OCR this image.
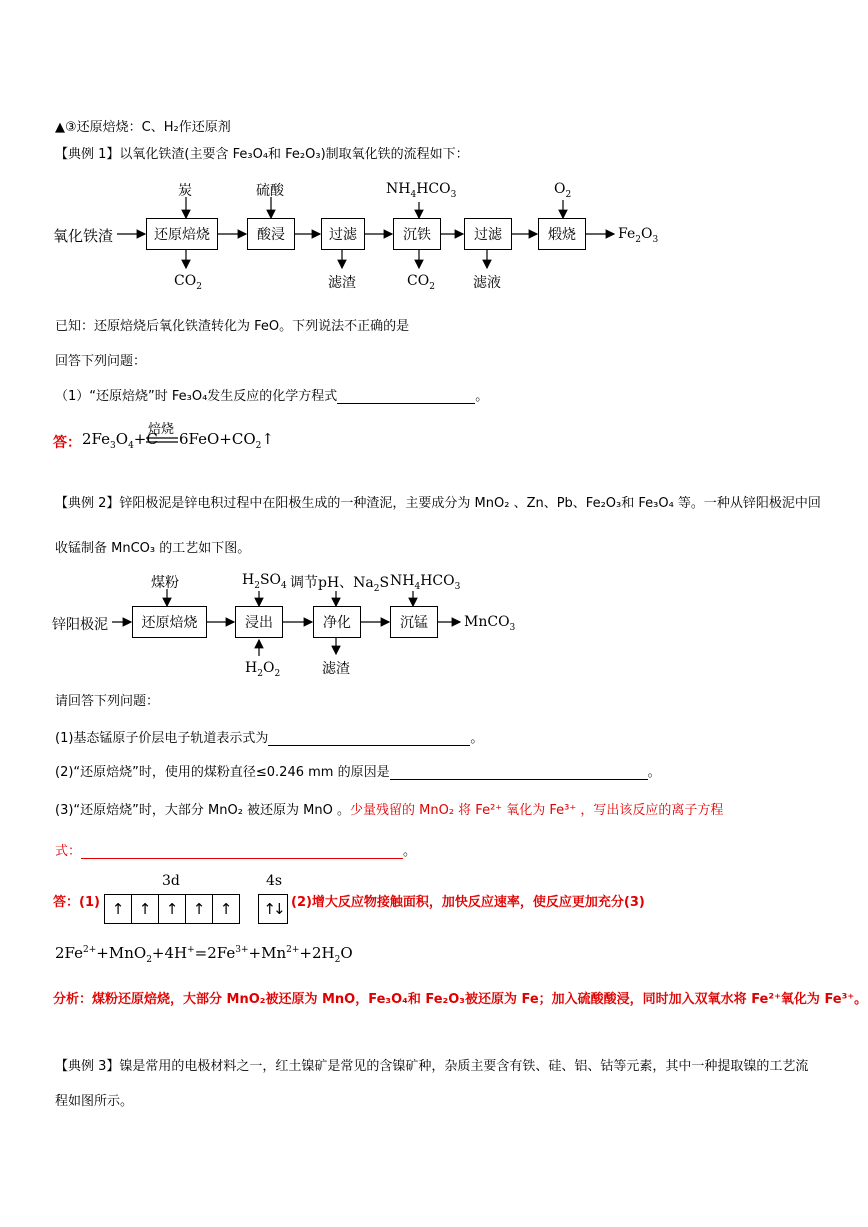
▲③还原焙烧：C、H₂作还原剂
【典例 1】以氧化铁渣(主要含 Fe₃O₄和 Fe₂O₃)制取氧化铁的流程如下：
氧化铁渣	还原焙烧	酸浸	过滤	沉铁	过滤	煅烧	$Fe_2O_3$
炭	硫酸	$NH_4HCO_3$	$O_2$
$CO_2$	滤渣	$CO_2$	滤液
已知：还原焙烧后氧化铁渣转化为 FeO。下列说法不正确的是
回答下列问题：
（1）“还原焙烧”时 Fe₃O₄发生反应的化学方程式	。
答： $2Fe_3O_4+C$
焙烧
$6FeO+CO_2↑$
【典例 2】锌阳极泥是锌电积过程中在阳极生成的一种渣泥，主要成分为 MnO₂ 、Zn、Pb、Fe₂O₃和 Fe₃O₄ 等。一种从锌阳极泥中回
收锰制备 MnCO₃ 的工艺如下图。
锌阳极泥	还原焙烧	浸出	净化	沉锰	MnCO$_3$
煤粉	$H_2SO_4$ 调节pH、$Na_2S$ $NH_4HCO_3$
$H_2O_2$	滤渣
请回答下列问题：
(1)基态锰原子价层电子轨道表示式为	。
(2)“还原焙烧”时，使用的煤粉直径≤0.246 mm 的原因是	。
(3)“还原焙烧”时，大部分 MnO₂ 被还原为 MnO 。少量残留的 MnO₂ 将 Fe²⁺ 氧化为 Fe³⁺ ，写出该反应的离子方程
式：	。
答：(1)
3d	4s
↑ ↑ ↑ ↑ ↑	↑↓ (2)增大反应物接触面积，加快反应速率，使反应更加充分(3)
$2Fe^{2+}+MnO_2+4H^+=2Fe^{3+}+Mn^{2+}+2H_2O$
分析：煤粉还原焙烧，大部分 MnO₂被还原为 MnO，Fe₃O₄和 Fe₂O₃被还原为 Fe；加入硫酸酸浸，同时加入双氧水将 Fe²⁺氧化为 Fe³⁺。
【典例 3】镍是常用的电极材料之一，红土镍矿是常见的含镍矿种，杂质主要含有铁、硅、铝、钴等元素，其中一种提取镍的工艺流
程如图所示。
